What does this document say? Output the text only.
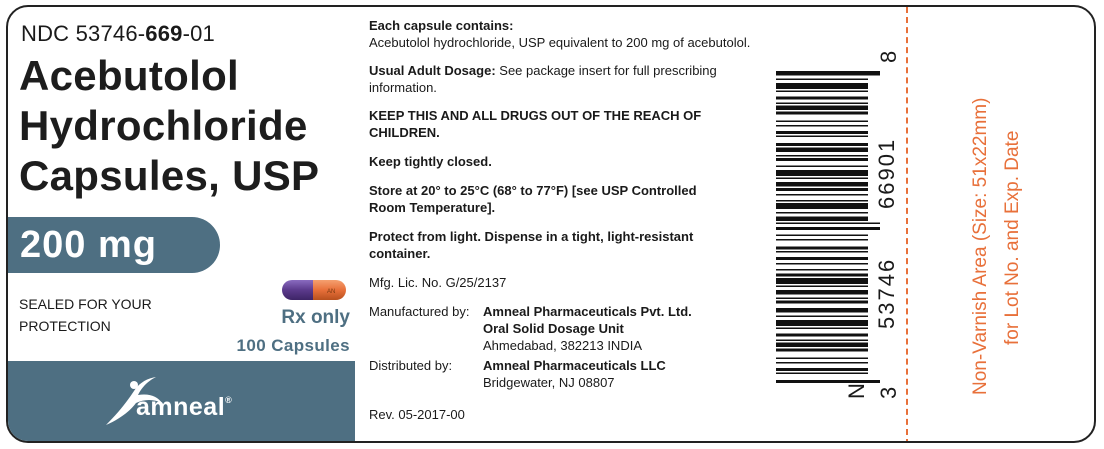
NDC 53746-669-01
Acebutolol
Hydrochloride
Capsules, USP
200 mg
SEALED FOR YOUR
PROTECTION
AN
Rx only
100 Capsules
amneal®

Each capsule contains:

Acebutolol hydrochloride, USP equivalent to 200 mg of acebutolol.

Usual Adult Dosage: See package insert for full prescribing

information.

KEEP THIS AND ALL DRUGS OUT OF THE REACH OF

CHILDREN.

Keep tightly closed.

Store at 20° to 25°C (68° to 77°F) [see USP Controlled

Room Temperature].

Protect from light. Dispense in a tight, light-resistant

container.

Mfg. Lic. No. G/25/2137

Manufactured by: Amneal Pharmaceuticals Pvt. Ltd.

Oral Solid Dosage Unit

Ahmedabad, 382213 INDIA

Distributed by: Amneal Pharmaceuticals LLC

Bridgewater, NJ 08807

Rev. 05-2017-00

8
66901
53746
3
N	Non-Varnish Area (Size: 51x22mm) for Lot No. and Exp. Date
